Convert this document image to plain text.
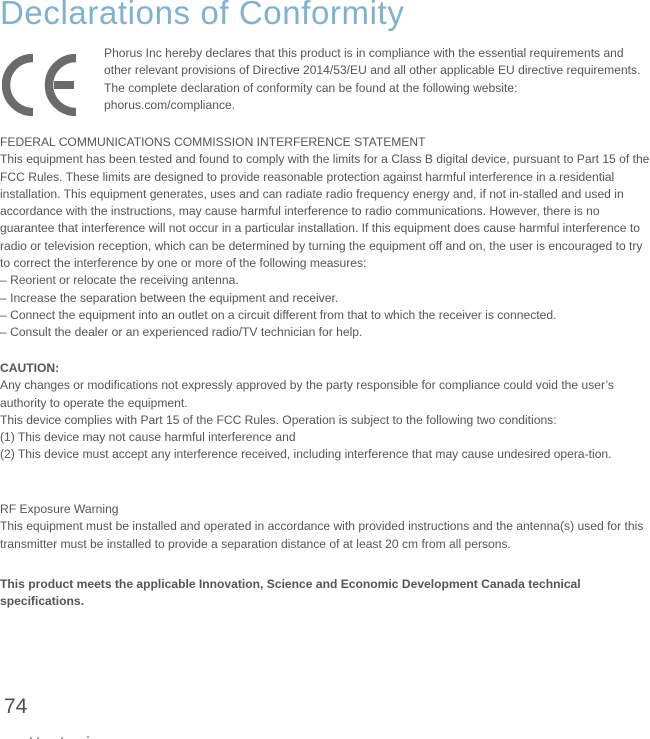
Declarations of Conformity
Phorus Inc hereby declares that this product is in compliance with the essential requirements and other relevant provisions of Directive 2014/53/EU and all other applicable EU directive requirements. The complete declaration of conformity can be found at the following website: phorus.com/compliance.

FEDERAL COMMUNICATIONS COMMISSION INTERFERENCE STATEMENT

This equipment has been tested and found to comply with the limits for a Class B digital device, pursuant to Part 15 of the FCC Rules. These limits are designed to provide reasonable protection against harmful interference in a residential installation. This equipment generates, uses and can radiate radio frequency energy and, if not in-stalled and used in accordance with the instructions, may cause harmful interference to radio communications. However, there is no guarantee that interference will not occur in a particular installation. If this equipment does cause harmful interference to radio or television reception, which can be determined by turning the equipment off and on, the user is encouraged to try to correct the interference by one or more of the following measures:

– Reorient or relocate the receiving antenna.

– Increase the separation between the equipment and receiver.

– Connect the equipment into an outlet on a circuit different from that to which the receiver is connected.

– Consult the dealer or an experienced radio/TV technician for help.

CAUTION:

Any changes or modifications not expressly approved by the party responsible for compliance could void the user’s authority to operate the equipment.

This device complies with Part 15 of the FCC Rules. Operation is subject to the following two conditions:

(1) This device may not cause harmful interference and

(2) This device must accept any interference received, including interference that may cause undesired opera-tion.

RF Exposure Warning

This equipment must be installed and operated in accordance with provided instructions and the antenna(s) used for this transmitter must be installed to provide a separation distance of at least 20 cm from all persons.

This product meets the applicable Innovation, Science and Economic Development Canada technical specifications.

74
